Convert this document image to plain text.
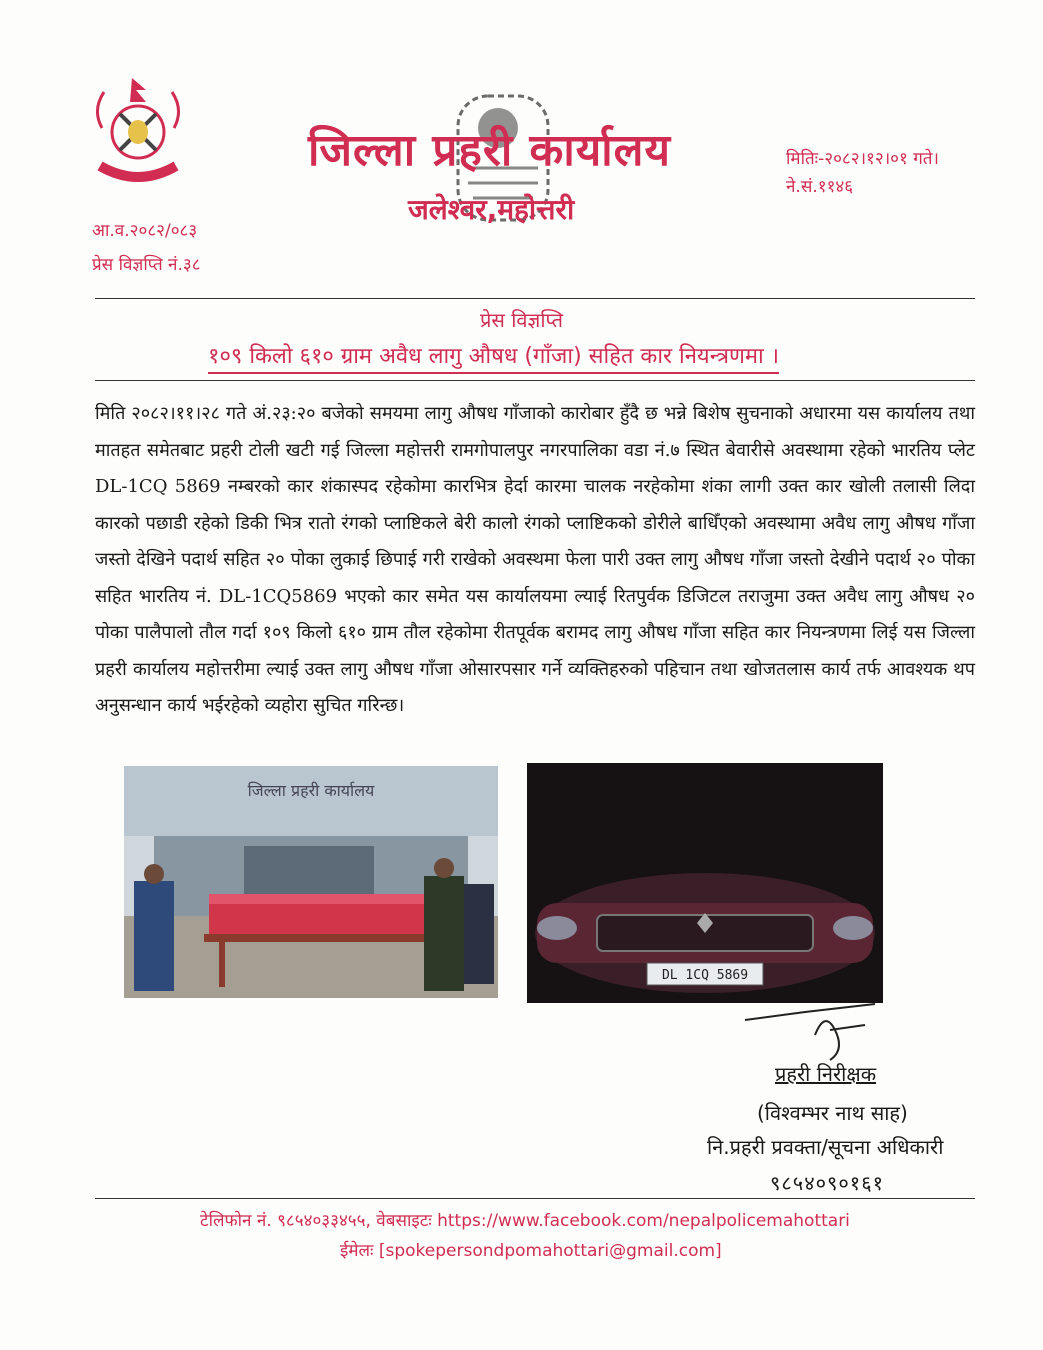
जिल्ला प्रहरी कार्यालय
जलेश्वर,महोत्तरी
मितिः-२०८२।१२।०१ गते।
ने.सं.११४६
आ.व.२०८२/०८३
प्रेस विज्ञप्ति नं.३८
प्रेस विज्ञप्ति
१०९ किलो ६१० ग्राम अवैध लागु औषध (गाँजा) सहित कार नियन्त्रणमा ।
मिति २०८२।११।२८ गते अं.२३:२० बजेको समयमा लागु औषध गाँजाको कारोबार हुँदै छ भन्ने बिशेष सुचनाको अधारमा यस कार्यालय तथा मातहत समेतबाट प्रहरी टोली खटी गई जिल्ला महोत्तरी रामगोपालपुर नगरपालिका वडा नं.७ स्थित बेवारीसे अवस्थामा रहेको भारतिय प्लेट DL-1CQ 5869 नम्बरको कार शंकास्पद रहेकोमा कारभित्र हेर्दा कारमा चालक नरहेकोमा शंका लागी उक्त कार खोली तलासी लिदा कारको पछाडी रहेको डिकी भित्र रातो रंगको प्लाष्टिकले बेरी कालो रंगको प्लाष्टिकको डोरीले बाधिँएको अवस्थामा अवैध लागु औषध गाँजा जस्तो देखिने पदार्थ सहित २० पोका लुकाई छिपाई गरी राखेको अवस्थमा फेला पारी उक्त लागु औषध गाँजा जस्तो देखीने पदार्थ २० पोका सहित भारतिय नं. DL-1CQ5869 भएको कार समेत यस कार्यालयमा ल्याई रितपुर्वक डिजिटल तराजुमा उक्त अवैध लागु औषध २० पोका पालैपालो तौल गर्दा १०९ किलो ६१० ग्राम तौल रहेकोमा रीतपूर्वक बरामद लागु औषध गाँजा सहित कार नियन्त्रणमा लिई यस जिल्ला प्रहरी कार्यालय महोत्तरीमा ल्याई उक्त लागु औषध गाँजा ओसारपसार गर्ने व्यक्तिहरुको पहिचान तथा खोजतलास कार्य तर्फ आवश्यक थप अनुसन्धान कार्य भईरहेको व्यहोरा सुचित गरिन्छ।
जिल्ला प्रहरी कार्यालय
DL 1CQ 5869
प्रहरी निरीक्षक
(विश्वम्भर नाथ साह)
नि.प्रहरी प्रवक्ता/सूचना अधिकारी
९८५४०९०१६१
टेलिफोन नं. ९८५४०३३४५५, वेबसाइटः https://www.facebook.com/nepalpolicemahottari
ईमेलः [spokepersondpomahottari@gmail.com]
